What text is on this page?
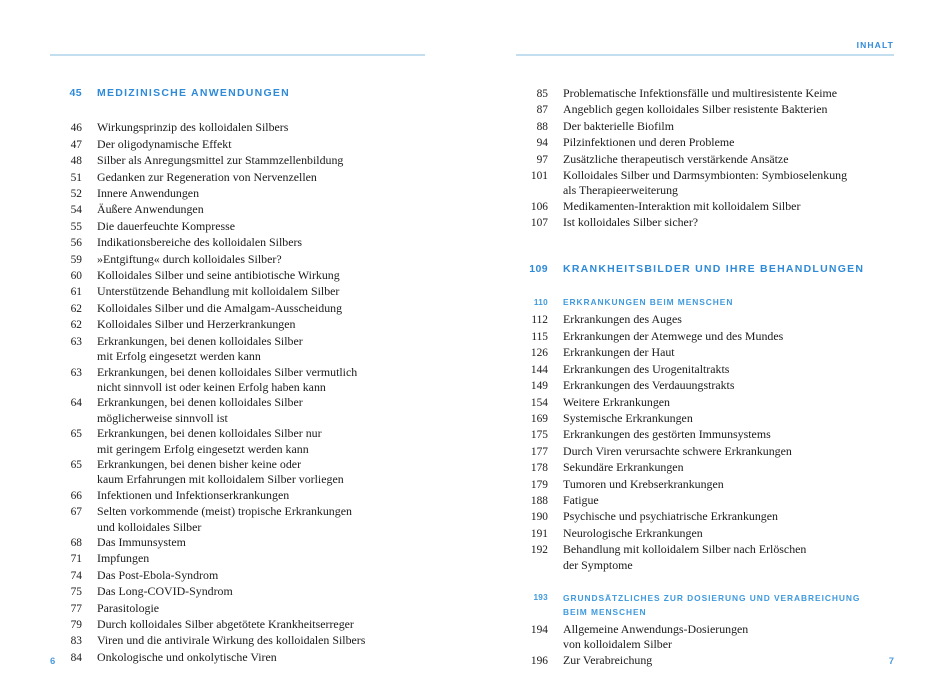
45	MEDIZINISCHE ANWENDUNGEN
46	Wirkungsprinzip des kolloidalen Silbers
47	Der oligodynamische Effekt
48	Silber als Anregungsmittel zur Stammzellenbildung
51	Gedanken zur Regeneration von Nervenzellen
52	Innere Anwendungen
54	Äußere Anwendungen
55	Die dauerfeuchte Kompresse
56	Indikationsbereiche des kolloidalen Silbers
59	»Entgiftung« durch kolloidales Silber?
60	Kolloidales Silber und seine antibiotische Wirkung
61	Unterstützende Behandlung mit kolloidalem Silber
62	Kolloidales Silber und die Amalgam-Ausscheidung
62	Kolloidales Silber und Herzerkrankungen
63	Erkrankungen, bei denen kolloidales Silber
mit Erfolg eingesetzt werden kann
63	Erkrankungen, bei denen kolloidales Silber vermutlich
nicht sinnvoll ist oder keinen Erfolg haben kann
64	Erkrankungen, bei denen kolloidales Silber
möglicherweise sinnvoll ist
65	Erkrankungen, bei denen kolloidales Silber nur
mit geringem Erfolg eingesetzt werden kann
65	Erkrankungen, bei denen bisher keine oder
kaum Erfahrungen mit kolloidalem Silber vorliegen
66	Infektionen und Infektionserkrankungen
67	Selten vorkommende (meist) tropische Erkrankungen
und kolloidales Silber
68	Das Immunsystem
71	Impfungen
74	Das Post-Ebola-Syndrom
75	Das Long-COVID-Syndrom
77	Parasitologie
79	Durch kolloidales Silber abgetötete Krankheitserreger
83	Viren und die antivirale Wirkung des kolloidalen Silbers
84	Onkologische und onkolytische Viren
6
INHALT
85	Problematische Infektionsfälle und multiresistente Keime
87	Angeblich gegen kolloidales Silber resistente Bakterien
88	Der bakterielle Biofilm
94	Pilzinfektionen und deren Probleme
97	Zusätzliche therapeutisch verstärkende Ansätze
101	Kolloidales Silber und Darmsymbionten: Symbioselenkung
als Therapieerweiterung
106	Medikamenten-Interaktion mit kolloidalem Silber
107	Ist kolloidales Silber sicher?
109	KRANKHEITSBILDER UND IHRE BEHANDLUNGEN
110	ERKRANKUNGEN BEIM MENSCHEN
112	Erkrankungen des Auges
115	Erkrankungen der Atemwege und des Mundes
126	Erkrankungen der Haut
144	Erkrankungen des Urogenitaltrakts
149	Erkrankungen des Verdauungstrakts
154	Weitere Erkrankungen
169	Systemische Erkrankungen
175	Erkrankungen des gestörten Immunsystems
177	Durch Viren verursachte schwere Erkrankungen
178	Sekundäre Erkrankungen
179	Tumoren und Krebserkrankungen
188	Fatigue
190	Psychische und psychiatrische Erkrankungen
191	Neurologische Erkrankungen
192	Behandlung mit kolloidalem Silber nach Erlöschen
der Symptome
193	GRUNDSÄTZLICHES ZUR DOSIERUNG UND VERABREICHUNG
BEIM MENSCHEN
194	Allgemeine Anwendungs-Dosierungen
von kolloidalem Silber
196	Zur Verabreichung	7
